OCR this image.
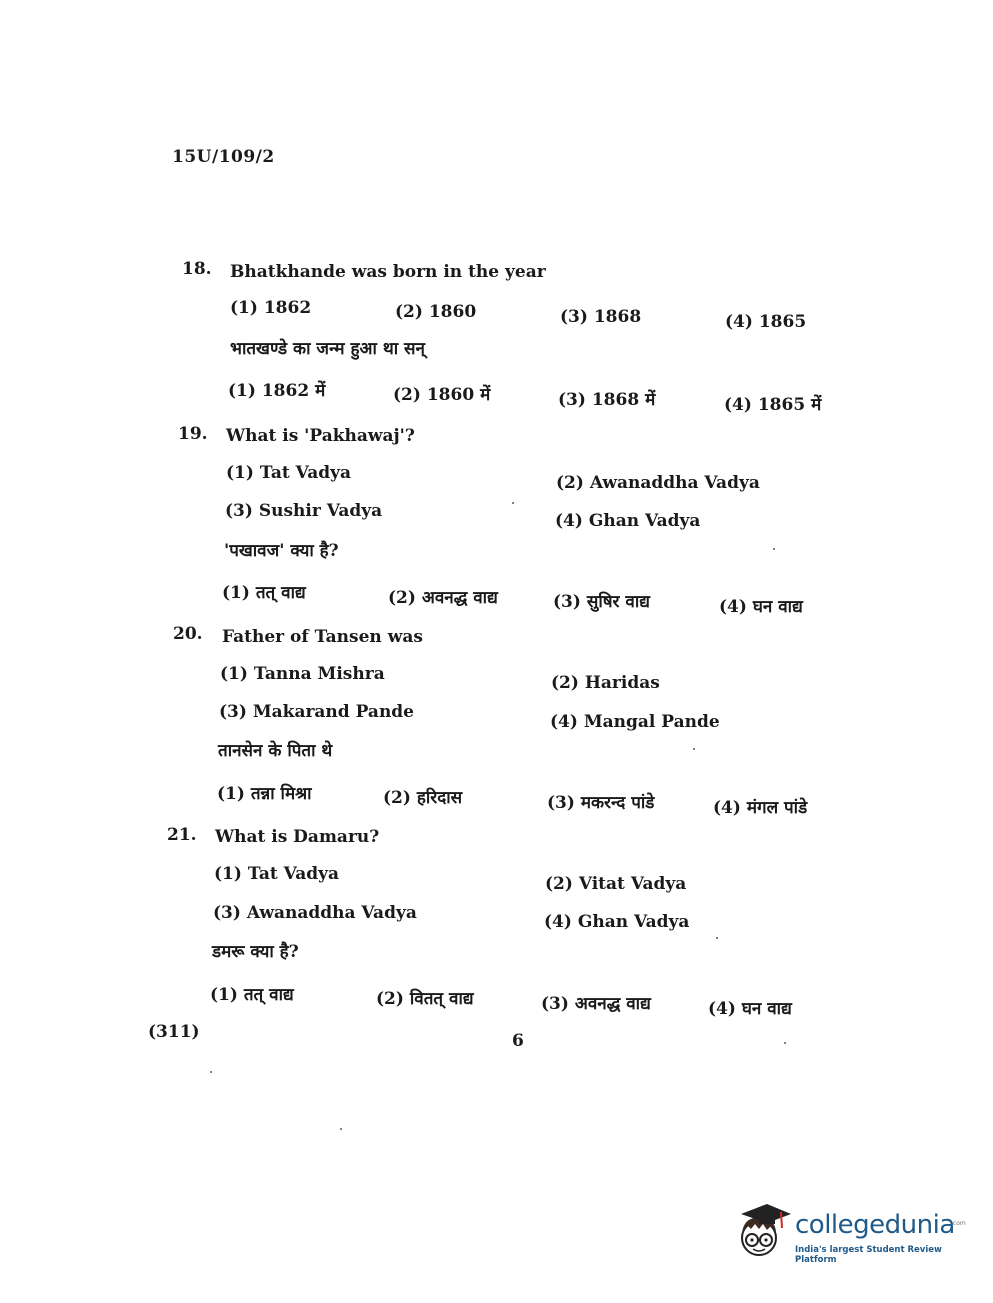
15U/109/2
18. Bhatkhande was born in the year
(1) 1862	(2) 1860	(3) 1868	(4) 1865
भातखण्डे का जन्म हुआ था सन्
(1) 1862 में	(2) 1860 में	(3) 1868 में	(4) 1865 में
19. What is 'Pakhawaj'?
(1) Tat Vadya	(2) Awanaddha Vadya
(3) Sushir Vadya	(4) Ghan Vadya
'पखावज' क्या है?
(1) तत् वाद्य	(2) अवनद्ध वाद्य	(3) सुषिर वाद्य	(4) घन वाद्य
20. Father of Tansen was
(1) Tanna Mishra	(2) Haridas
(3) Makarand Pande	(4) Mangal Pande
तानसेन के पिता थे
(1) तन्ना मिश्रा	(2) हरिदास	(3) मकरन्द पांडे	(4) मंगल पांडे
21. What is Damaru?
(1) Tat Vadya	(2) Vitat Vadya
(3) Awanaddha Vadya	(4) Ghan Vadya
डमरू क्या है?
(1) तत् वाद्य	(2) वितत् वाद्य	(3) अवनद्ध वाद्य	(4) घन वाद्य
(311)	6
collegedunia
.com
India's largest Student Review Platform
